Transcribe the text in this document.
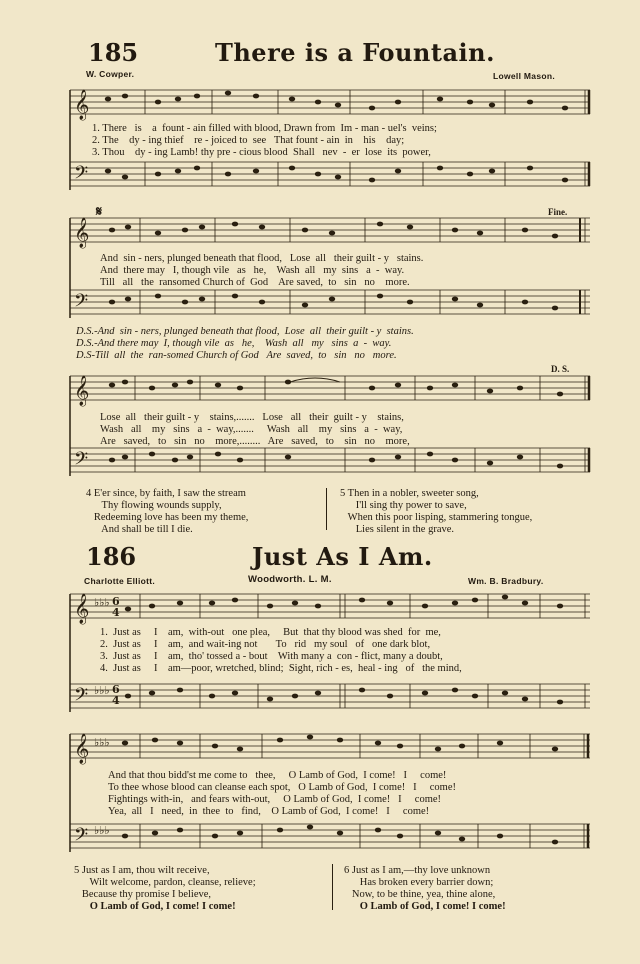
185	There is a Fountain.
W. Cowper.	Lowell Mason.
𝄞
𝄢
1. There   is    a  fount - ain filled with blood, Drawn from  Im - man - uel's  veins;
2. The    dy - ing thief    re - joiced to  see   That fount - ain  in    his    day;
3. Thou    dy - ing Lamb! thy pre - cious blood  Shall   nev  -  er  lose  its  power,
𝄋	Fine.
𝄞
𝄢
And  sin - ners, plunged beneath that flood,   Lose  all   their guilt - y   stains.
And  there may   I, though vile   as   he,    Wash  all   my  sins   a  -  way.
Till   all   the  ransomed Church of  God    Are saved,  to   sin   no    more.
D.S.-And  sin - ners, plunged beneath that flood,  Lose  all  their guilt - y  stains.
D.S.-And there may  I, though vile  as   he,    Wash  all   my   sins  a  -  way.
D.S-Till  all  the  ran-somed Church of God   Are  saved,  to   sin   no   more.
D. S.
𝄞
𝄢
Lose  all   their guilt - y    stains,.......   Lose   all   their  guilt - y    stains,
Wash   all    my   sins   a  -  way,.......     Wash   all    my   sins   a  -  way,
Are   saved,   to   sin   no    more,........   Are   saved,   to    sin   no    more,
4 E'er since, by faith, I saw the stream
Thy flowing wounds supply,
Redeeming love has been my theme,
And shall be till I die.
5 Then in a nobler, sweeter song,
I'll sing thy power to save,
When this poor lisping, stammering tongue,
Lies silent in the grave.
186	Just As I Am.
Charlotte Elliott.	Woodworth. L. M.	Wm. B. Bradbury.
𝄞
𝄢
♭♭♭
♭♭♭
6
4
6
4
1.  Just as     I    am,  with-out   one plea,     But  that thy blood was shed  for  me,
2.  Just as     I    am,  and wait-ing not       To   rid   my soul   of   one dark blot,
3.  Just as     I    am,  tho' tossed a - bout    With many a  con - flict, many a doubt,
4.  Just as     I    am—poor, wretched, blind;  Sight, rich - es,  heal - ing   of   the mind,
𝄞
𝄢
♭♭♭
♭♭♭
And that thou bidd'st me come to   thee,     O Lamb of God,  I come!   I     come!
To thee whose blood can cleanse each spot,   O Lamb of God,  I come!   I     come!
Fightings with-in,   and fears with-out,     O Lamb of God,  I come!   I     come!
Yea,  all   I   need,  in  thee  to   find,    O Lamb of God,  I come!   I     come!
5 Just as I am, thou wilt receive,
Wilt welcome, pardon, cleanse, relieve;
Because thy promise I believe,
O Lamb of God, I come! I come!
6 Just as I am,—thy love unknown
Has broken every barrier down;
Now, to be thine, yea, thine alone,
O Lamb of God, I come! I come!
